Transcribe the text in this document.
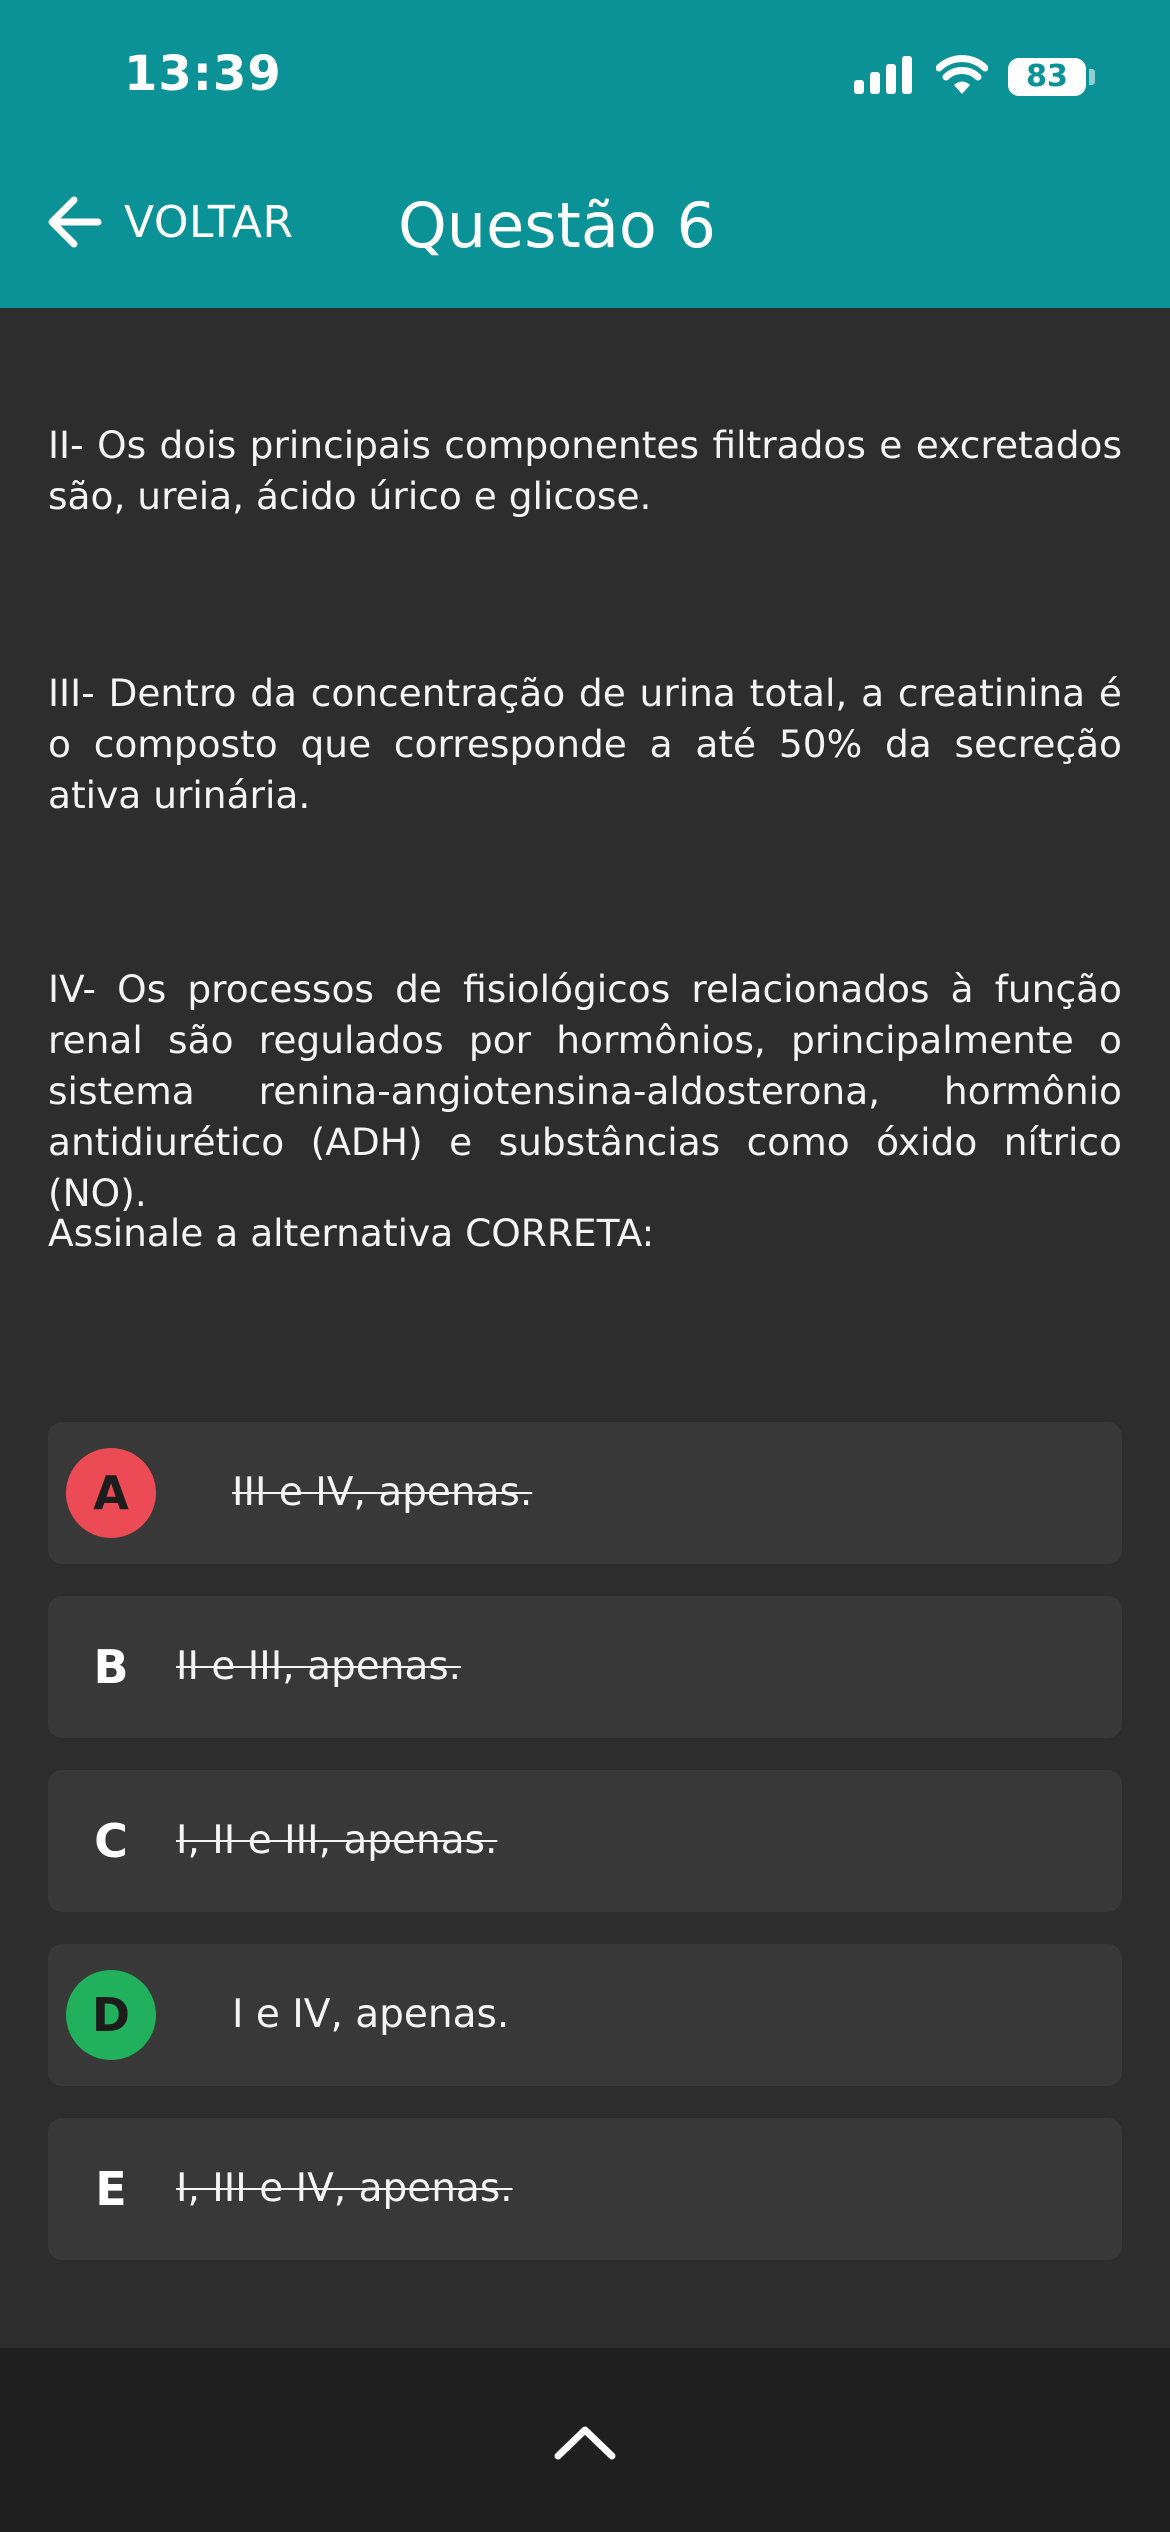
13:39	83
VOLTAR Questão 6
II- Os dois principais componentes filtrados e excretados são, ureia, ácido úrico e glicose.
III- Dentro da concentração de urina total, a creatinina é o composto que corresponde a até 50% da secreção ativa urinária.
IV- Os processos de fisiológicos relacionados à função renal são regulados por hormônios, principalmente o sistema renina-angiotensina-aldosterona, hormônio antidiurético (ADH) e substâncias como óxido nítrico (NO).
Assinale a alternativa CORRETA:
A	III e IV, apenas.
B	II e III, apenas.
C	I, II e III, apenas.
D	I e IV, apenas.
E	I, III e IV, apenas.
